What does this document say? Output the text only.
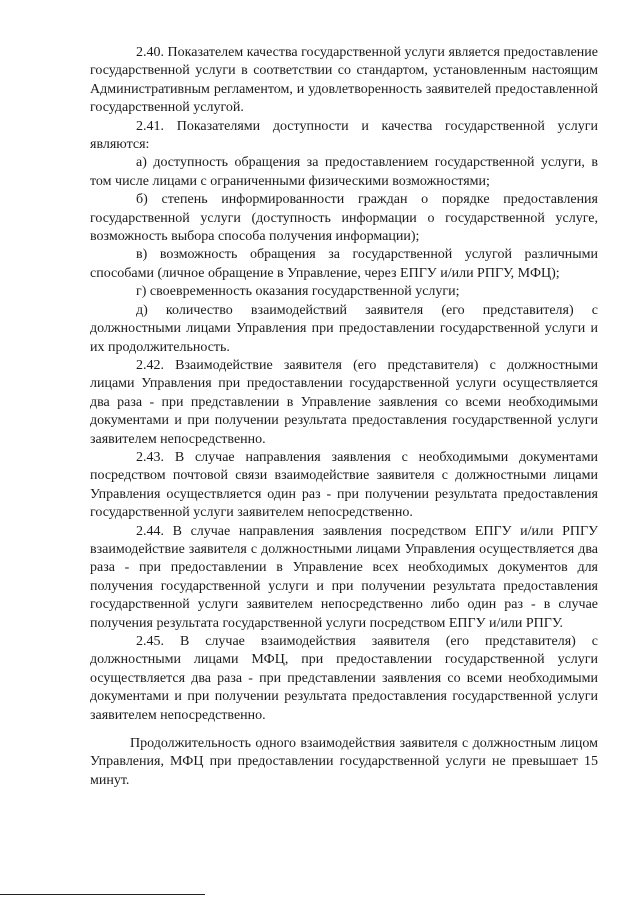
2.40. Показателем качества государственной услуги является предоставление государственной услуги в соответствии со стандартом, установленным настоящим Административным регламентом, и удовлетворенность заявителей предоставленной государственной услугой.

2.41. Показателями доступности и качества государственной услуги являются:

а) доступность обращения за предоставлением государственной услуги, в том числе лицами с ограниченными физическими возможностями;

б) степень информированности граждан о порядке предоставления государственной услуги (доступность информации о государственной услуге, возможность выбора способа получения информации);

в) возможность обращения за государственной услугой различными способами (личное обращение в Управление, через ЕПГУ и/или РПГУ, МФЦ);

г) своевременность оказания государственной услуги;

д) количество взаимодействий заявителя (его представителя) с должностными лицами Управления при предоставлении государственной услуги и их продолжительность.

2.42. Взаимодействие заявителя (его представителя) с должностными лицами Управления при предоставлении государственной услуги осуществляется два раза - при представлении в Управление заявления со всеми необходимыми документами и при получении результата предоставления государственной услуги заявителем непосредственно.

2.43. В случае направления заявления с необходимыми документами посредством почтовой связи взаимодействие заявителя с должностными лицами Управления осуществляется один раз - при получении результата предоставления государственной услуги заявителем непосредственно.

2.44. В случае направления заявления посредством ЕПГУ и/или РПГУ взаимодействие заявителя с должностными лицами Управления осуществляется два раза - при предоставлении в Управление всех необходимых документов для получения государственной услуги и при получении результата предоставления государственной услуги заявителем непосредственно либо один раз - в случае получения результата государственной услуги посредством ЕПГУ и/или РПГУ.

2.45. В случае взаимодействия заявителя (его представителя) с должностными лицами МФЦ, при предоставлении государственной услуги осуществляется два раза - при представлении заявления со всеми необходимыми документами и при получении результата предоставления государственной услуги заявителем непосредственно.

Продолжительность одного взаимодействия заявителя с должностным лицом Управления, МФЦ при предоставлении государственной услуги не превышает 15 минут.
